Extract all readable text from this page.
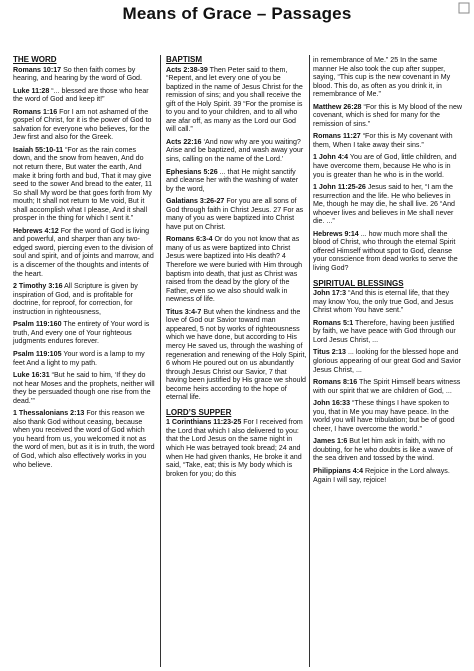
Means of Grace – Passages
THE WORD
Romans 10:17 So then faith comes by hearing, and hearing by the word of God.
Luke 11:28 “... blessed are those who hear the word of God and keep it!”
Romans 1:16 For I am not ashamed of the gospel of Christ, for it is the power of God to salvation for everyone who believes, for the Jew first and also for the Greek.
Isaiah 55:10-11 “For as the rain comes down, and the snow from heaven, And do not return there, But water the earth, And make it bring forth and bud, That it may give seed to the sower And bread to the eater, 11 So shall My word be that goes forth from My mouth; It shall not return to Me void, But it shall accomplish what I please, And it shall prosper in the thing for which I sent it.”
Hebrews 4:12 For the word of God is living and powerful, and sharper than any two-edged sword, piercing even to the division of soul and spirit, and of joints and marrow, and is a discerner of the thoughts and intents of the heart.
2 Timothy 3:16 All Scripture is given by inspiration of God, and is profitable for doctrine, for reproof, for correction, for instruction in righteousness,
Psalm 119:160 The entirety of Your word is truth, And every one of Your righteous judgments endures forever.
Psalm 119:105 Your word is a lamp to my feet And a light to my path.
Luke 16:31 “But he said to him, ‘If they do not hear Moses and the prophets, neither will they be persuaded though one rise from the dead.’”
1 Thessalonians 2:13 For this reason we also thank God without ceasing, because when you received the word of God which you heard from us, you welcomed it not as the word of men, but as it is in truth, the word of God, which also effectively works in you who believe.
BAPTISM
Acts 2:38-39 Then Peter said to them, “Repent, and let every one of you be baptized in the name of Jesus Christ for the remission of sins; and you shall receive the gift of the Holy Spirit. 39 “For the promise is to you and to your children, and to all who are afar off, as many as the Lord our God will call.”
Acts 22:16 ‘And now why are you waiting? Arise and be baptized, and wash away your sins, calling on the name of the Lord.’
Ephesians 5:26 ... that He might sanctify and cleanse her with the washing of water by the word,
Galatians 3:26-27 For you are all sons of God through faith in Christ Jesus. 27 For as many of you as were baptized into Christ have put on Christ.
Romans 6:3-4 Or do you not know that as many of us as were baptized into Christ Jesus were baptized into His death? 4 Therefore we were buried with Him through baptism into death, that just as Christ was raised from the dead by the glory of the Father, even so we also should walk in newness of life.
Titus 3:4-7 But when the kindness and the love of God our Savior toward man appeared, 5 not by works of righteousness which we have done, but according to His mercy He saved us, through the washing of regeneration and renewing of the Holy Spirit, 6 whom He poured out on us abundantly through Jesus Christ our Savior, 7 that having been justified by His grace we should become heirs according to the hope of eternal life.
LORD’S SUPPER
1 Corinthians 11:23-25 For I received from the Lord that which I also delivered to you: that the Lord Jesus on the same night in which He was betrayed took bread; 24 and when He had given thanks, He broke it and said, “Take, eat; this is My body which is broken for you; do this
in remembrance of Me.” 25 In the same manner He also took the cup after supper, saying, “This cup is the new covenant in My blood. This do, as often as you drink it, in remembrance of Me.”
Matthew 26:28 “For this is My blood of the new covenant, which is shed for many for the remission of sins.”
Romans 11:27 “For this is My covenant with them, When I take away their sins.”
1 John 4:4 You are of God, little children, and have overcome them, because He who is in you is greater than he who is in the world.
1 John 11:25-26 Jesus said to her, “I am the resurrection and the life. He who believes in Me, though he may die, he shall live. 26 “And whoever lives and believes in Me shall never die. ...”
Hebrews 9:14 ... how much more shall the blood of Christ, who through the eternal Spirit offered Himself without spot to God, cleanse your conscience from dead works to serve the living God?
SPIRITUAL BLESSINGS
John 17:3 “And this is eternal life, that they may know You, the only true God, and Jesus Christ whom You have sent.”
Romans 5:1 Therefore, having been justified by faith, we have peace with God through our Lord Jesus Christ, ...
Titus 2:13 ... looking for the blessed hope and glorious appearing of our great God and Savior Jesus Christ, ...
Romans 8:16 The Spirit Himself bears witness with our spirit that we are children of God, ...
John 16:33 “These things I have spoken to you, that in Me you may have peace. In the world you will have tribulation; but be of good cheer, I have overcome the world.”
James 1:6 But let him ask in faith, with no doubting, for he who doubts is like a wave of the sea driven and tossed by the wind.
Philippians 4:4 Rejoice in the Lord always. Again I will say, rejoice!
